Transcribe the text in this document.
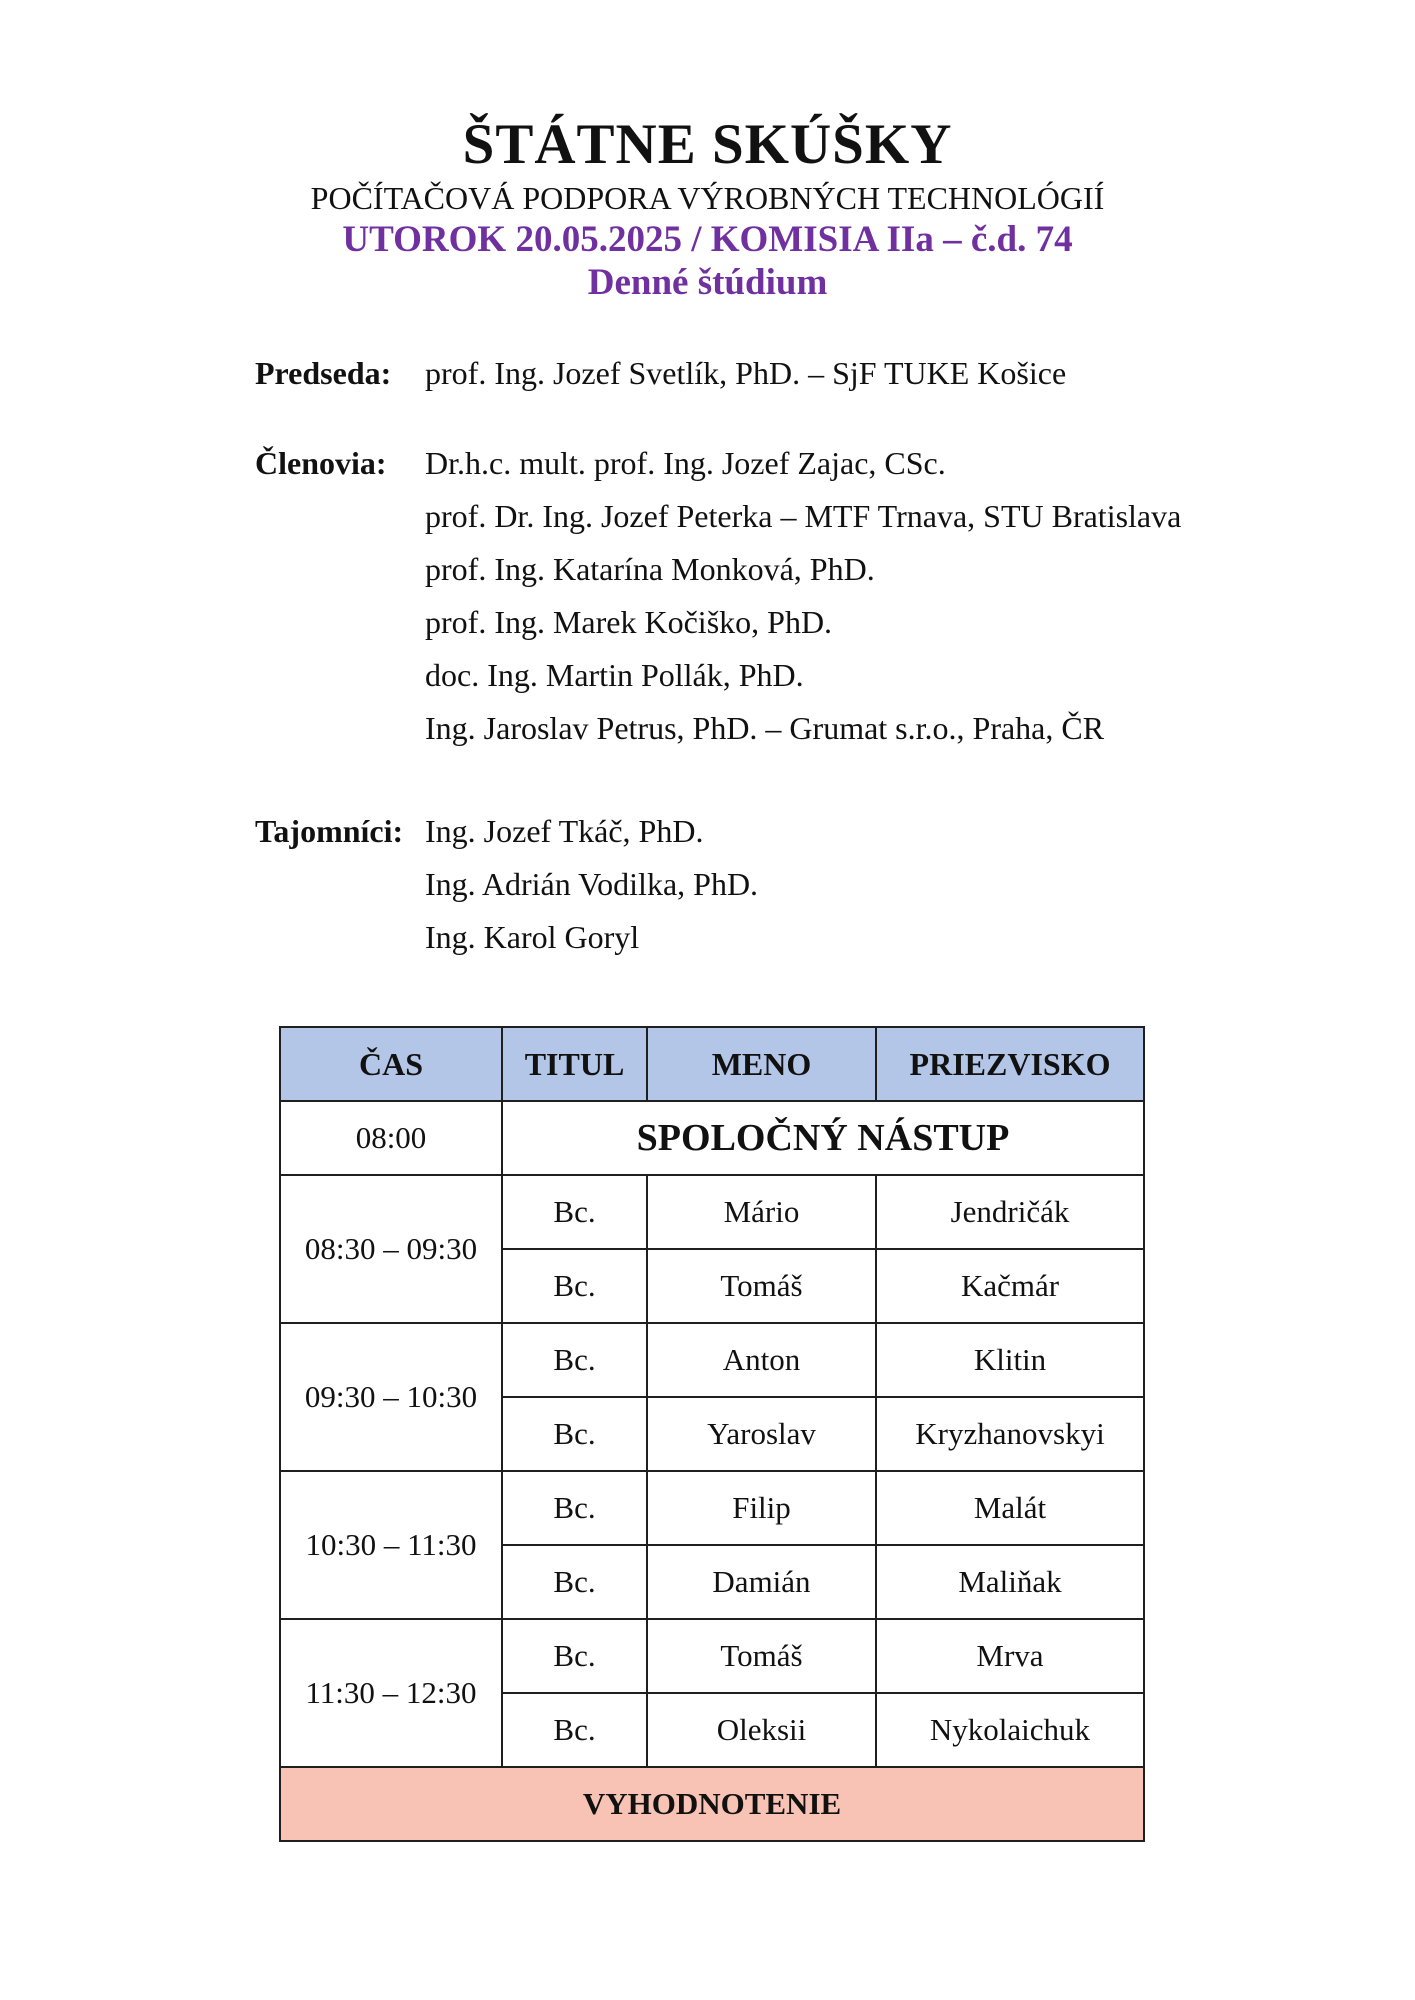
ŠTÁTNE SKÚŠKY
POČÍTAČOVÁ PODPORA VÝROBNÝCH TECHNOLÓGIÍ
UTOROK 20.05.2025 / KOMISIA IIa – č.d. 74
Denné štúdium
Predseda: prof. Ing. Jozef Svetlík, PhD. – SjF TUKE Košice
Členovia: Dr.h.c. mult. prof. Ing. Jozef Zajac, CSc.
prof. Dr. Ing. Jozef Peterka – MTF Trnava, STU Bratislava
prof. Ing. Katarína Monková, PhD.
prof. Ing. Marek Kočiško, PhD.
doc. Ing. Martin Pollák, PhD.
Ing. Jaroslav Petrus, PhD. – Grumat s.r.o., Praha, ČR
Tajomníci: Ing. Jozef Tkáč, PhD.
Ing. Adrián Vodilka, PhD.
Ing. Karol Goryl
ČAS	TITUL	MENO	PRIEZVISKO
08:00	SPOLOČNÝ NÁSTUP		
08:30 – 09:30	Bc.	Mário	Jendričák
	Bc.	Tomáš	Kačmár
09:30 – 10:30	Bc.	Anton	Klitin
	Bc.	Yaroslav	Kryzhanovskyi
10:30 – 11:30	Bc.	Filip	Malát
	Bc.	Damián	Maliňak
11:30 – 12:30	Bc.	Tomáš	Mrva
	Bc.	Oleksii	Nykolaichuk
VYHODNOTENIE			
